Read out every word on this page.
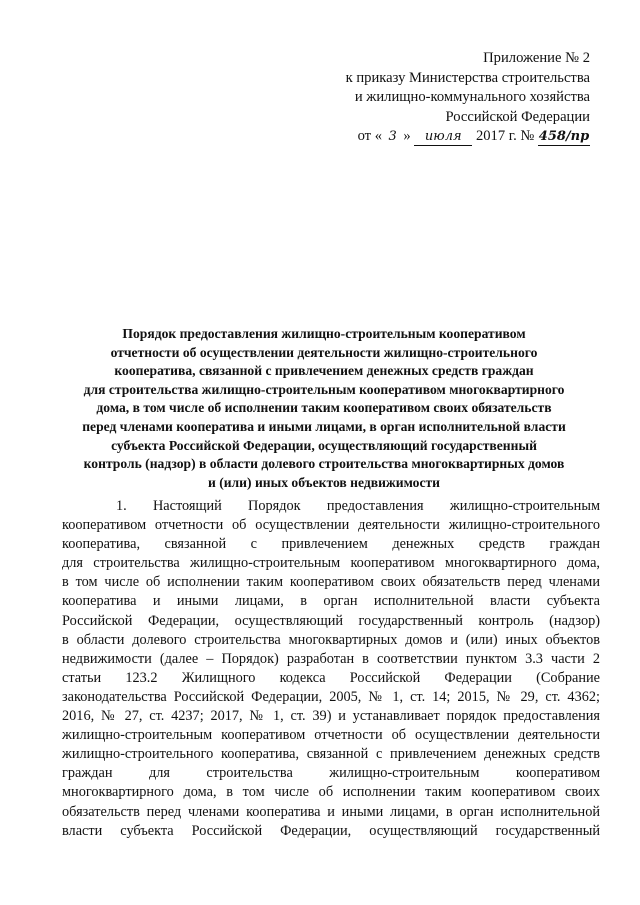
Приложение № 2
к приказу Министерства строительства
и жилищно-коммунального хозяйства
Российской Федерации
от « 3 » июля 2017 г. № 458/пр
Порядок предоставления жилищно-строительным кооперативом
отчетности об осуществлении деятельности жилищно-строительного
кооператива, связанной с привлечением денежных средств граждан
для строительства жилищно-строительным кооперативом многоквартирного
дома, в том числе об исполнении таким кооперативом своих обязательств
перед членами кооператива и иными лицами, в орган исполнительной власти
субъекта Российской Федерации, осуществляющий государственный
контроль (надзор) в области долевого строительства многоквартирных домов
и (или) иных объектов недвижимости
1. Настоящий Порядок предоставления жилищно-строительным
кооперативом отчетности об осуществлении деятельности жилищно-строительного
кооператива, связанной с привлечением денежных средств граждан
для строительства жилищно-строительным кооперативом многоквартирного дома,
в том числе об исполнении таким кооперативом своих обязательств перед членами
кооператива и иными лицами, в орган исполнительной власти субъекта
Российской Федерации, осуществляющий государственный контроль (надзор)
в области долевого строительства многоквартирных домов и (или) иных объектов
недвижимости (далее – Порядок) разработан в соответствии пунктом 3.3 части 2
статьи 123.2 Жилищного кодекса Российской Федерации (Собрание
законодательства Российской Федерации, 2005, № 1, ст. 14; 2015, № 29, ст. 4362;
2016, № 27, ст. 4237; 2017, № 1, ст. 39) и устанавливает порядок предоставления
жилищно-строительным кооперативом отчетности об осуществлении деятельности
жилищно-строительного кооператива, связанной с привлечением денежных средств
граждан для строительства жилищно-строительным кооперативом
многоквартирного дома, в том числе об исполнении таким кооперативом своих
обязательств перед членами кооператива и иными лицами, в орган исполнительной
власти субъекта Российской Федерации, осуществляющий государственный
